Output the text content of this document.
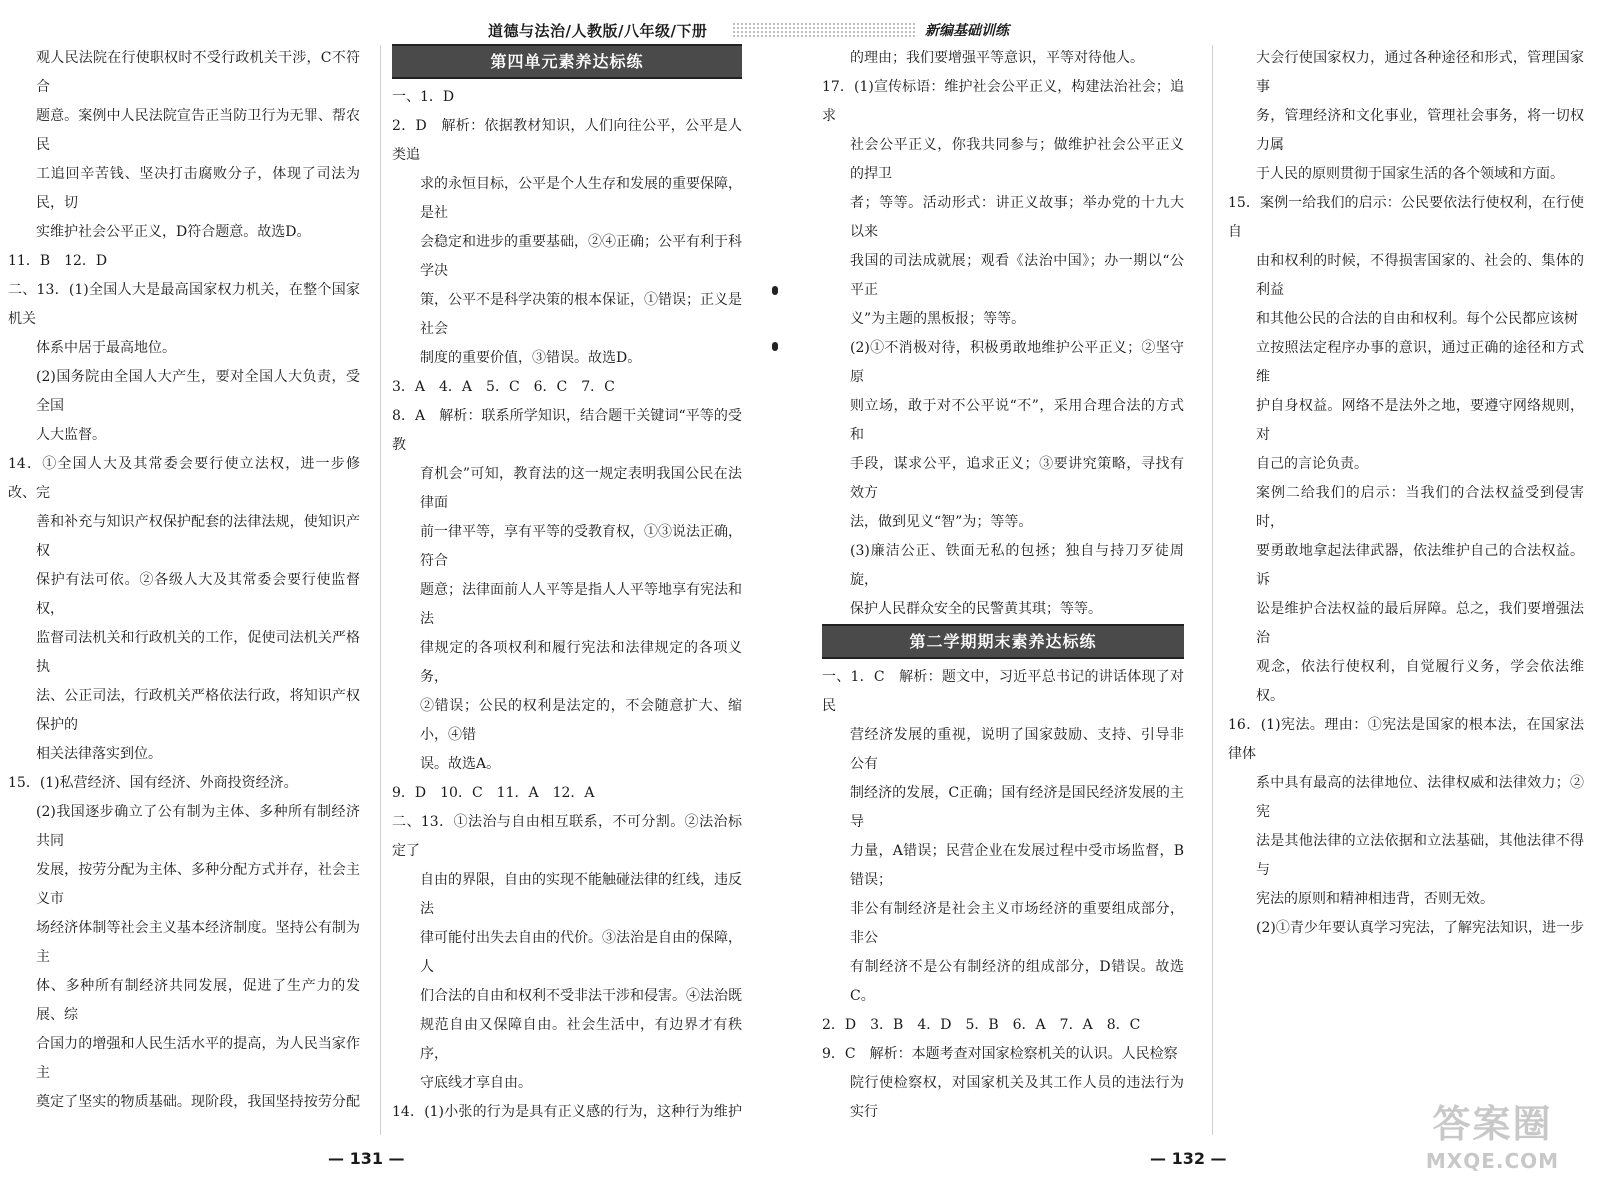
道德与法治/人教版/八年级/下册	新编基础训练

观人民法院在行使职权时不受行政机关干涉，C不符合

题意。案例中人民法院宣告正当防卫行为无罪、帮农民

工追回辛苦钱、坚决打击腐败分子，体现了司法为民，切

实维护社会公平正义，D符合题意。故选D。

11．B　12．D

二、13．(1)全国人大是最高国家权力机关，在整个国家机关

体系中居于最高地位。

(2)国务院由全国人大产生，要对全国人大负责，受全国

人大监督。

14．①全国人大及其常委会要行使立法权，进一步修改、完

善和补充与知识产权保护配套的法律法规，使知识产权

保护有法可依。②各级人大及其常委会要行使监督权，

监督司法机关和行政机关的工作，促使司法机关严格执

法、公正司法，行政机关严格依法行政，将知识产权保护的

相关法律落实到位。

15．(1)私营经济、国有经济、外商投资经济。

(2)我国逐步确立了公有制为主体、多种所有制经济共同

发展，按劳分配为主体、多种分配方式并存，社会主义市

场经济体制等社会主义基本经济制度。坚持公有制为主

体、多种所有制经济共同发展，促进了生产力的发展、综

合国力的增强和人民生活水平的提高，为人民当家作主

奠定了坚实的物质基础。现阶段，我国坚持按劳分配

第四单元素养达标练

一、1．D

2．D　解析：依据教材知识，人们向往公平，公平是人类追

求的永恒目标，公平是个人生存和发展的重要保障，是社

会稳定和进步的重要基础，②④正确；公平有利于科学决

策，公平不是科学决策的根本保证，①错误；正义是社会

制度的重要价值，③错误。故选D。

3．A　4．A　5．C　6．C　7．C

8．A　解析：联系所学知识，结合题干关键词“平等的受教

育机会”可知，教育法的这一规定表明我国公民在法律面

前一律平等，享有平等的受教育权，①③说法正确，符合

题意；法律面前人人平等是指人人平等地享有宪法和法

律规定的各项权利和履行宪法和法律规定的各项义务，

②错误；公民的权利是法定的，不会随意扩大、缩小，④错

误。故选A。

9．D　10．C　11．A　12．A

二、13．①法治与自由相互联系，不可分割。②法治标定了

自由的界限，自由的实现不能触碰法律的红线，违反法

律可能付出失去自由的代价。③法治是自由的保障，人

们合法的自由和权利不受非法干涉和侵害。④法治既

规范自由又保障自由。社会生活中，有边界才有秩序，

守底线才享自由。

14．(1)小张的行为是具有正义感的行为，这种行为维护

的理由；我们要增强平等意识，平等对待他人。

17．(1)宣传标语：维护社会公平正义，构建法治社会；追求

社会公平正义，你我共同参与；做维护社会公平正义的捍卫

者；等等。活动形式：讲正义故事；举办党的十九大以来

我国的司法成就展；观看《法治中国》；办一期以“公平正

义”为主题的黑板报；等等。

(2)①不消极对待，积极勇敢地维护公平正义；②坚守原

则立场，敢于对不公平说“不”，采用合理合法的方式和

手段，谋求公平，追求正义；③要讲究策略，寻找有效方

法，做到见义“智”为；等等。

(3)廉洁公正、铁面无私的包拯；独自与持刀歹徒周旋，

保护人民群众安全的民警黄其琪；等等。

第二学期期末素养达标练

一、1．C　解析：题文中，习近平总书记的讲话体现了对民

营经济发展的重视，说明了国家鼓励、支持、引导非公有

制经济的发展，C正确；国有经济是国民经济发展的主导

力量，A错误；民营企业在发展过程中受市场监督，B错误；

非公有制经济是社会主义市场经济的重要组成部分，非公

有制经济不是公有制经济的组成部分，D错误。故选C。

2．D　3．B　4．D　5．B　6．A　7．A　8．C

9．C　解析：本题考查对国家检察机关的认识。人民检察

院行使检察权，对国家机关及其工作人员的违法行为实行

大会行使国家权力，通过各种途径和形式，管理国家事

务，管理经济和文化事业，管理社会事务，将一切权力属

于人民的原则贯彻于国家生活的各个领域和方面。

15．案例一给我们的启示：公民要依法行使权利，在行使自

由和权利的时候，不得损害国家的、社会的、集体的利益

和其他公民的合法的自由和权利。每个公民都应该树

立按照法定程序办事的意识，通过正确的途径和方式维

护自身权益。网络不是法外之地，要遵守网络规则，对

自己的言论负责。

案例二给我们的启示：当我们的合法权益受到侵害时，

要勇敢地拿起法律武器，依法维护自己的合法权益。诉

讼是维护合法权益的最后屏障。总之，我们要增强法治

观念，依法行使权利，自觉履行义务，学会依法维权。

16．(1)宪法。理由：①宪法是国家的根本法，在国家法律体

系中具有最高的法律地位、法律权威和法律效力；②宪

法是其他法律的立法依据和立法基础，其他法律不得与

宪法的原则和精神相违背，否则无效。

(2)①青少年要认真学习宪法，了解宪法知识，进一步

— 131 —	— 132 —
答案圈
MXQE.COM
